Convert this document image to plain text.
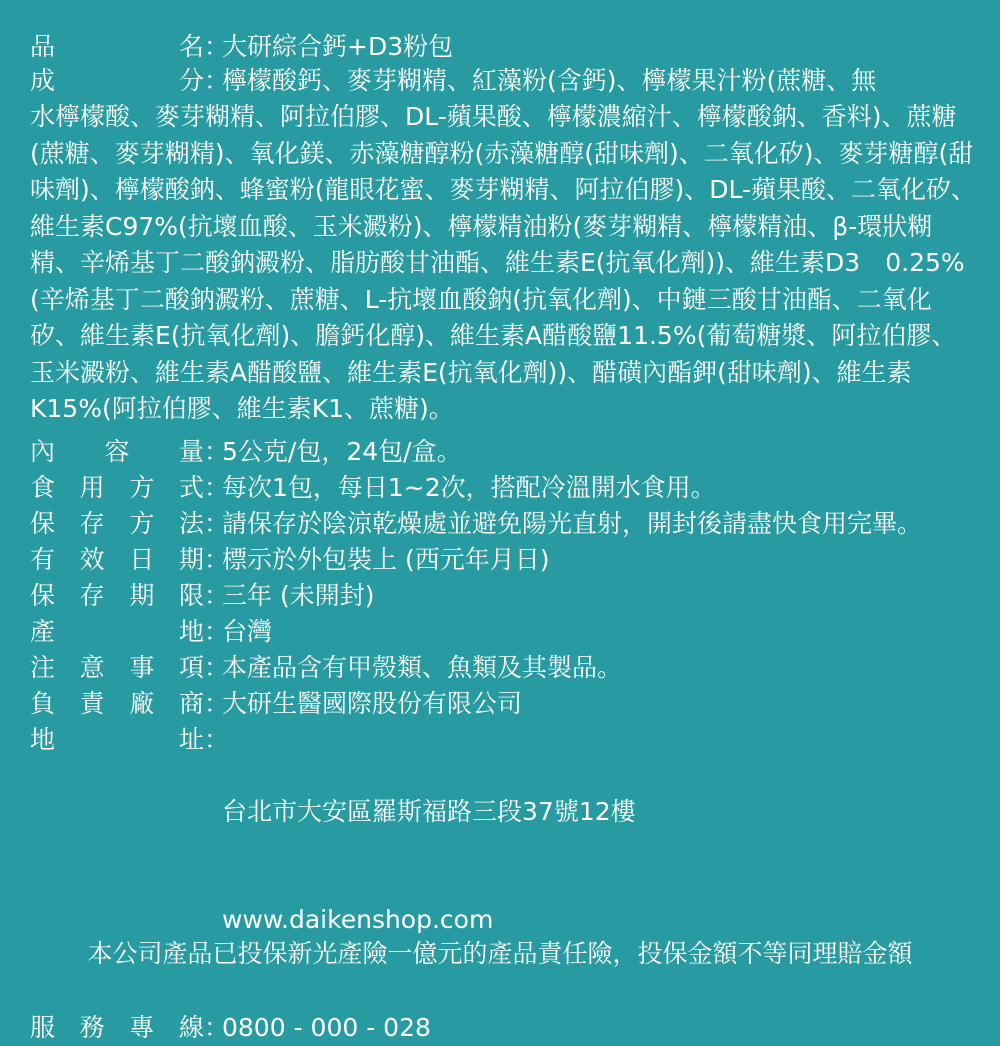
品	名 ：
大研綜合鈣+D3粉包
成	分 ：
檸檬酸鈣、麥芽糊精、紅藻粉(含鈣)、檸檬果汁粉(蔗糖、無
水檸檬酸、麥芽糊精、阿拉伯膠、DL-蘋果酸、檸檬濃縮汁、檸檬酸鈉、香料)、蔗糖(蔗糖、麥芽糊精)、氧化鎂、赤藻糖醇粉(赤藻糖醇(甜味劑)、二氧化矽)、麥芽糖醇(甜味劑)、檸檬酸鈉、蜂蜜粉(龍眼花蜜、麥芽糊精、阿拉伯膠)、DL-蘋果酸、二氧化矽、維生素C97%(抗壞血酸、玉米澱粉)、檸檬精油粉(麥芽糊精、檸檬精油、β-環狀糊精、辛烯基丁二酸鈉澱粉、脂肪酸甘油酯、維生素E(抗氧化劑))、維生素D3　0.25%　(辛烯基丁二酸鈉澱粉、蔗糖、L-抗壞血酸鈉(抗氧化劑)、中鏈三酸甘油酯、二氧化矽、維生素E(抗氧化劑)、膽鈣化醇)、維生素A醋酸鹽11.5%(葡萄糖漿、阿拉伯膠、玉米澱粉、維生素A醋酸鹽、維生素E(抗氧化劑))、醋磺內酯鉀(甜味劑)、維生素K15%(阿拉伯膠、維生素K1、蔗糖)。
內 容 量 ：
5公克/包，24包/盒。
食 用 方 式 ：
每次1包，每日1~2次，搭配冷溫開水食用。
保 存 方 法 ：
請保存於陰涼乾燥處並避免陽光直射，開封後請盡快食用完畢。
有 效 日 期 ：
標示於外包裝上 (西元年月日)
保 存 期 限 ：
三年 (未開封)
產	地 ：
台灣
注 意 事 項 ：
本產品含有甲殼類、魚類及其製品。
負 責 廠 商 ：
大研生醫國際股份有限公司
地	址 ：

台北市大安區羅斯福路三段37號12樓

www.daikenshop.com

服 務 專 線 ：
0800 - 000 - 028
本公司產品已投保新光產險一億元的產品責任險，投保金額不等同理賠金額
